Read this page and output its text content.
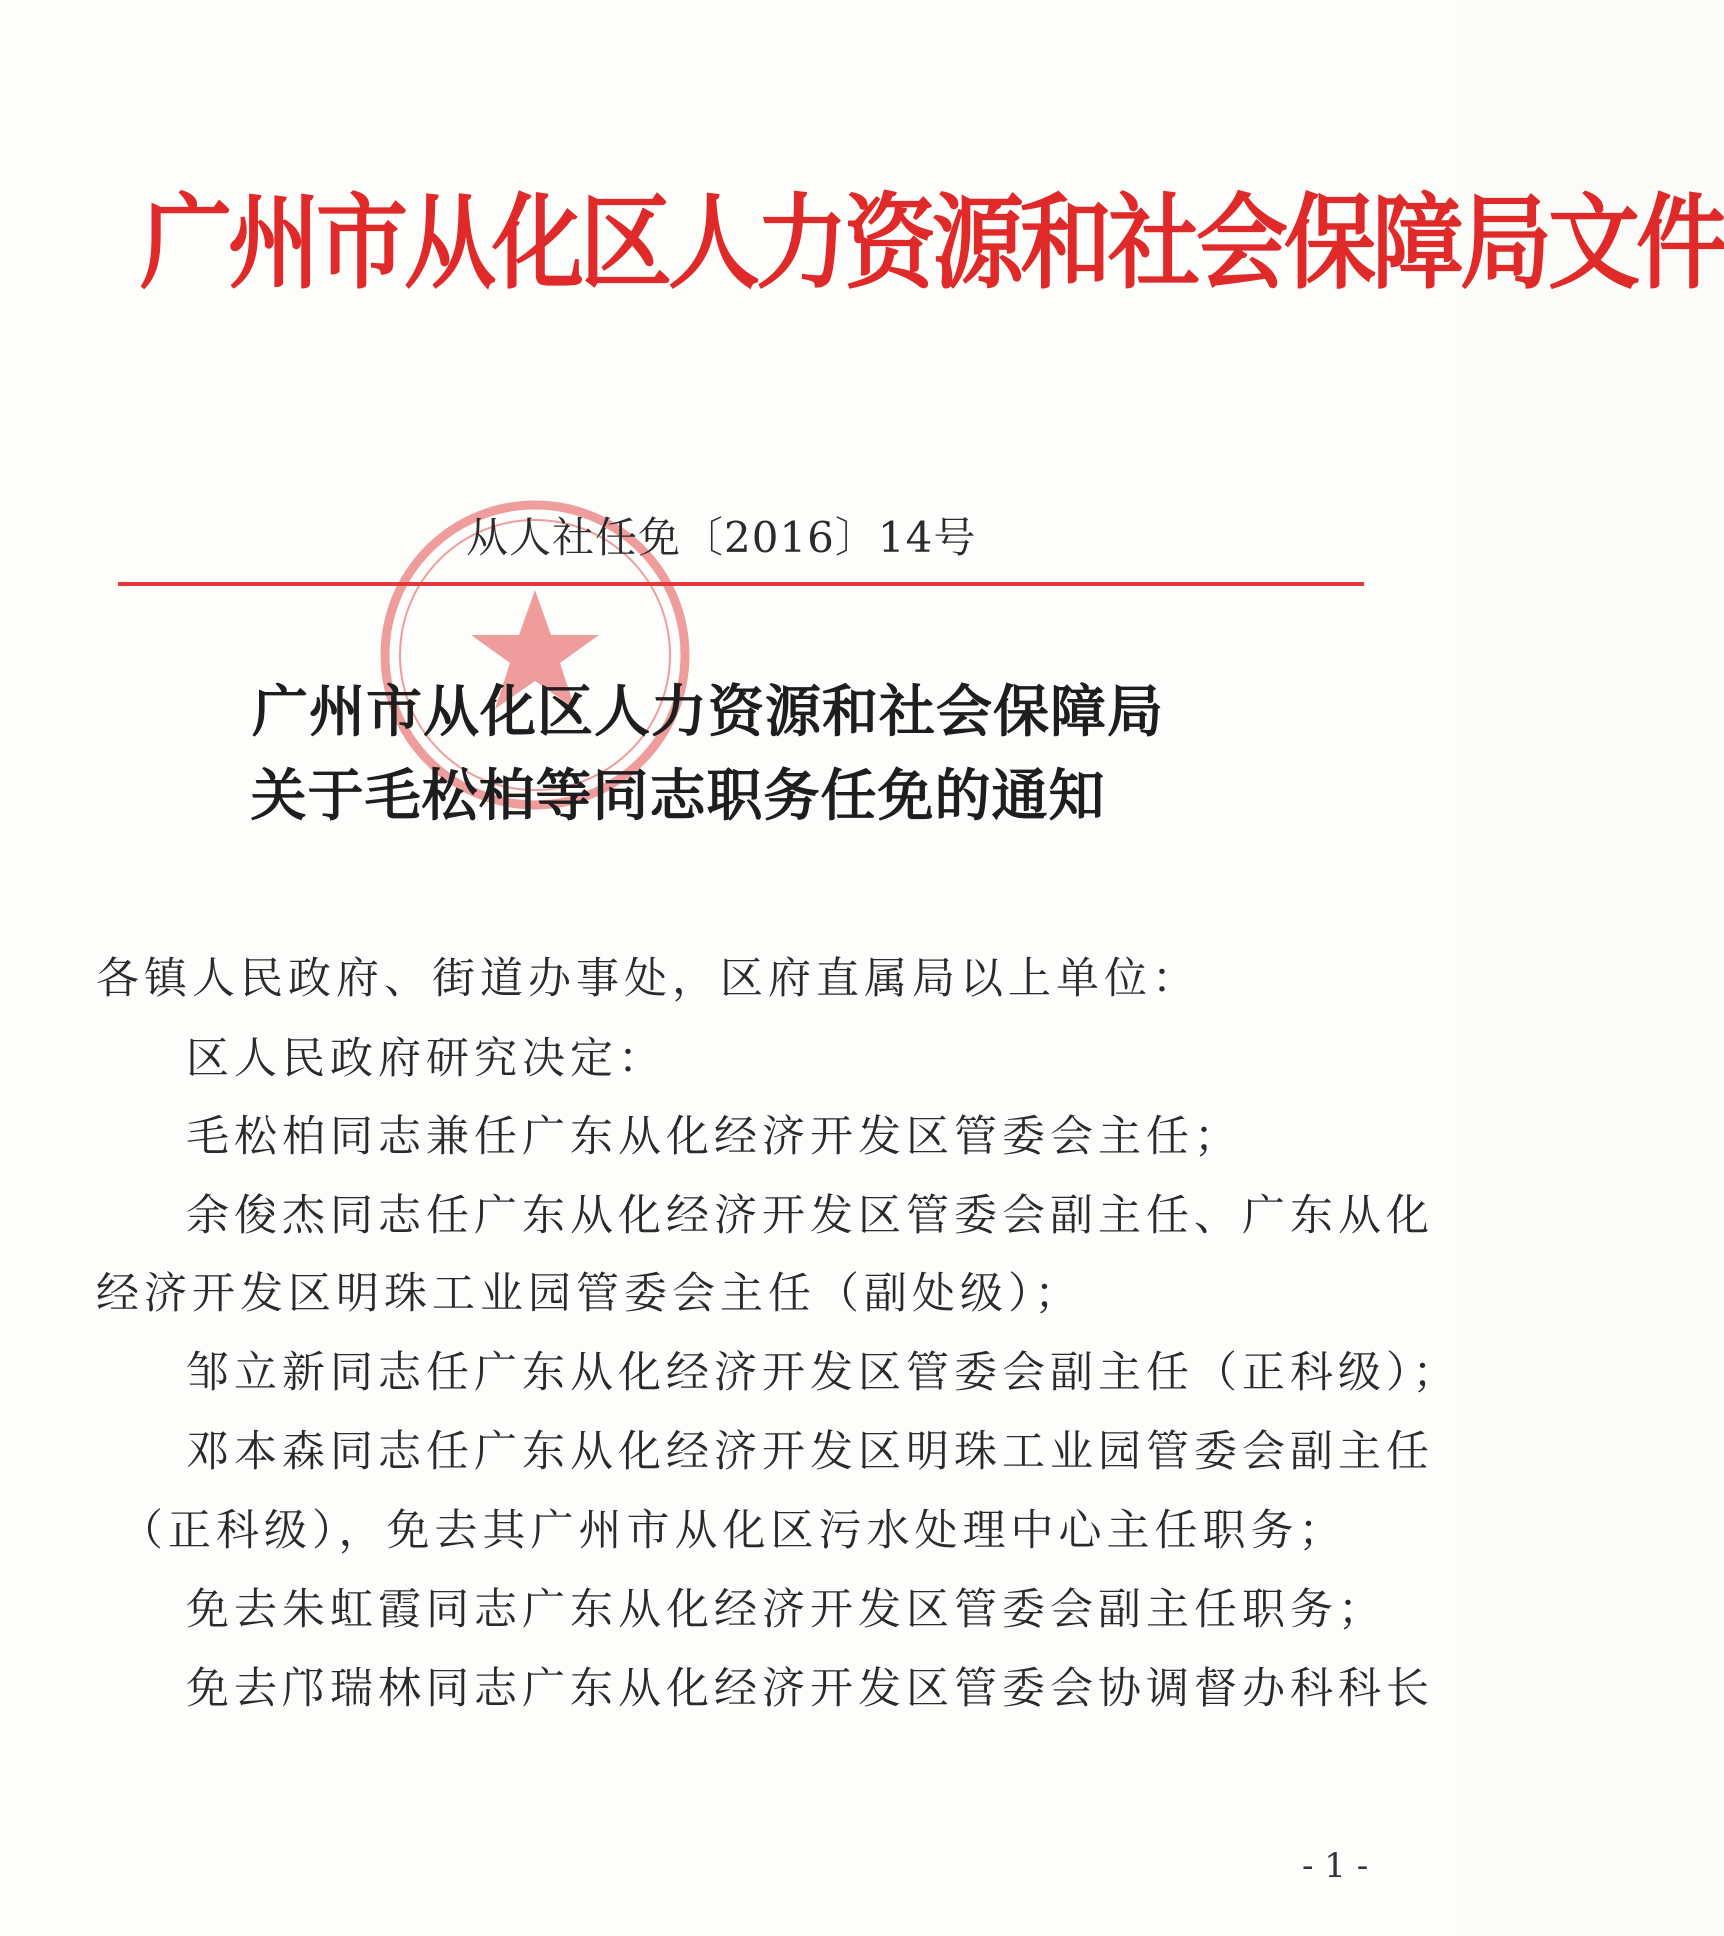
广州市从化区人力资源和社会保障局文件
从人社任免〔2016〕14号
广州市从化区人力资源和社会保障局
关于毛松柏等同志职务任免的通知
各镇人民政府、街道办事处，区府直属局以上单位：
区人民政府研究决定：
毛松柏同志兼任广东从化经济开发区管委会主任；
余俊杰同志任广东从化经济开发区管委会副主任、广东从化
经济开发区明珠工业园管委会主任（副处级）；
邹立新同志任广东从化经济开发区管委会副主任（正科级）；
邓本森同志任广东从化经济开发区明珠工业园管委会副主任
（正科级），免去其广州市从化区污水处理中心主任职务；
免去朱虹霞同志广东从化经济开发区管委会副主任职务；
免去邝瑞林同志广东从化经济开发区管委会协调督办科科长
- 1 -
